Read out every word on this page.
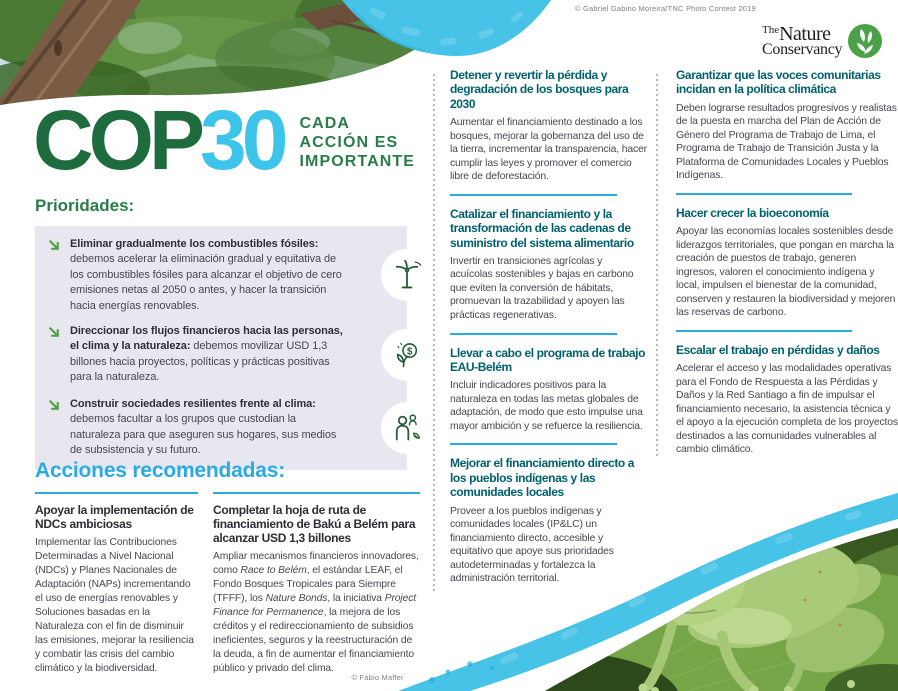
© Gabriel Gabino Moreira/TNC Photo Contest 2019
The Nature
Conservancy
COP30 CADA
ACCIÓN ES
IMPORTANTE
Prioridades:

Eliminar gradualmente los combustibles fósiles: debemos acelerar la eliminación gradual y equitativa de los combustibles fósiles para alcanzar el objetivo de cero emisiones netas al 2050 o antes, y hacer la transición hacia energías renovables.

Direccionar los flujos financieros hacia las personas, el clima y la naturaleza: debemos movilizar USD 1,3 billones hacia proyectos, políticas y prácticas positivas para la naturaleza.

$

Construir sociedades resilientes frente al clima: debemos facultar a los grupos que custodian la naturaleza para que aseguren sus hogares, sus medios de subsistencia y su futuro.

Acciones recomendadas:
Apoyar la implementación de NDCs ambiciosas

Implementar las Contribuciones Determinadas a Nivel Nacional (NDCs) y Planes Nacionales de Adaptación (NAPs) incrementando el uso de energías renovables y Soluciones basadas en la Naturaleza con el fin de disminuir las emisiones, mejorar la resiliencia y combatir las crisis del cambio climático y la biodiversidad.

Completar la hoja de ruta de financiamiento de Bakú a Belém para alcanzar USD 1,3 billones

Ampliar mecanismos financieros innovadores, como Race to Belém, el estándar LEAF, el Fondo Bosques Tropicales para Siempre (TFFF), los Nature Bonds, la iniciativa Project Finance for Permanence, la mejora de los créditos y el redireccionamiento de subsidios ineficientes, seguros y la reestructuración de la deuda, a fin de aumentar el financiamiento público y privado del clima.

Detener y revertir la pérdida y degradación de los bosques para 2030

Aumentar el financiamiento destinado a los bosques, mejorar la gobernanza del uso de la tierra, incrementar la transparencia, hacer cumplir las leyes y promover el comercio libre de deforestación.

Catalizar el financiamiento y la transformación de las cadenas de suministro del sistema alimentario

Invertir en transiciones agrícolas y acuícolas sostenibles y bajas en carbono que eviten la conversión de hábitats, promuevan la trazabilidad y apoyen las prácticas regenerativas.

Llevar a cabo el programa de trabajo EAU-Belém

Incluir indicadores positivos para la naturaleza en todas las metas globales de adaptación, de modo que esto impulse una mayor ambición y se refuerce la resiliencia.

Mejorar el financiamiento directo a los pueblos indígenas y las comunidades locales

Proveer a los pueblos indígenas y comunidades locales (IP&LC) un financiamiento directo, accesible y equitativo que apoye sus prioridades autodeterminadas y fortalezca la administración territorial.

Garantizar que las voces comunitarias incidan en la política climática

Deben lograrse resultados progresivos y realistas de la puesta en marcha del Plan de Acción de Género del Programa de Trabajo de Lima, el Programa de Trabajo de Transición Justa y la Plataforma de Comunidades Locales y Pueblos Indígenas.

Hacer crecer la bioeconomía

Apoyar las economías locales sostenibles desde liderazgos territoriales, que pongan en marcha la creación de puestos de trabajo, generen ingresos, valoren el conocimiento indígena y local, impulsen el bienestar de la comunidad, conserven y restauren la biodiversidad y mejoren las reservas de carbono.

Escalar el trabajo en pérdidas y daños

Acelerar el acceso y las modalidades operativas para el Fondo de Respuesta a las Pérdidas y Daños y la Red Santiago a fin de impulsar el financiamiento necesario, la asistencia técnica y el apoyo a la ejecución completa de los proyectos destinados a las comunidades vulnerables al cambio climático.

© Fábio Maffei
